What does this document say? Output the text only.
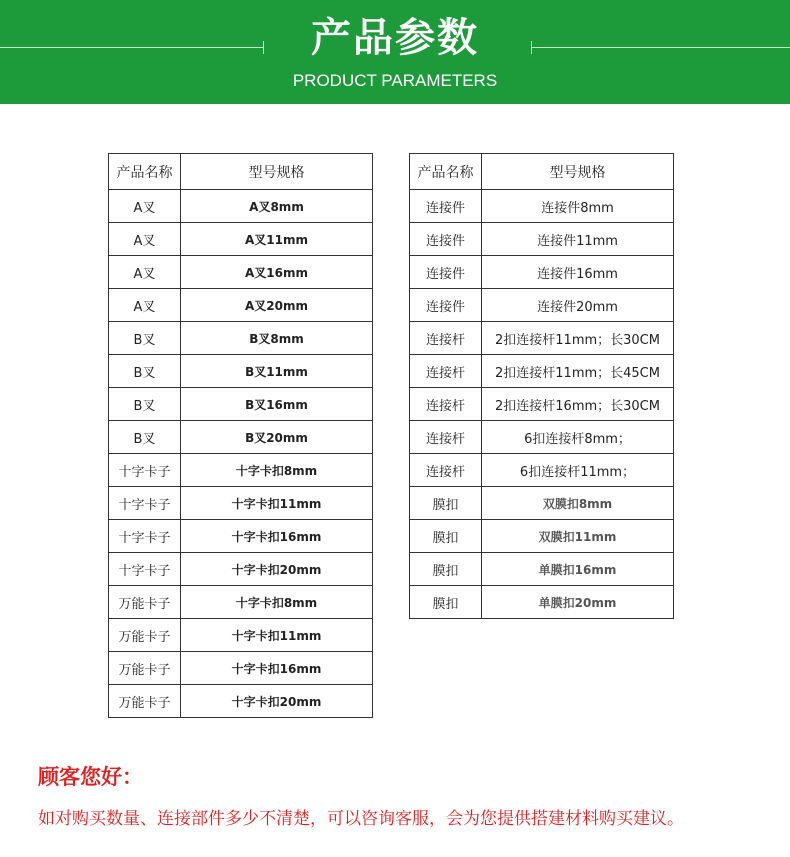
产品参数
PRODUCT PARAMETERS
产品名称	型号规格
A叉	A叉8mm
A叉	A叉11mm
A叉	A叉16mm
A叉	A叉20mm
B叉	B叉8mm
B叉	B叉11mm
B叉	B叉16mm
B叉	B叉20mm
十字卡子	十字卡扣8mm
十字卡子	十字卡扣11mm
十字卡子	十字卡扣16mm
十字卡子	十字卡扣20mm
万能卡子	十字卡扣8mm
万能卡子	十字卡扣11mm
万能卡子	十字卡扣16mm
万能卡子	十字卡扣20mm
产品名称	型号规格
连接件	连接件8mm
连接件	连接件11mm
连接件	连接件16mm
连接件	连接件20mm
连接杆	2扣连接杆11mm；长30CM
连接杆	2扣连接杆11mm；长45CM
连接杆	2扣连接杆16mm；长30CM
连接杆	6扣连接杆8mm；
连接杆	6扣连接杆11mm；
膜扣	双膜扣8mm
膜扣	双膜扣11mm
膜扣	单膜扣16mm
膜扣	单膜扣20mm
顾客您好：
如对购买数量、连接部件多少不清楚，可以咨询客服，会为您提供搭建材料购买建议。
